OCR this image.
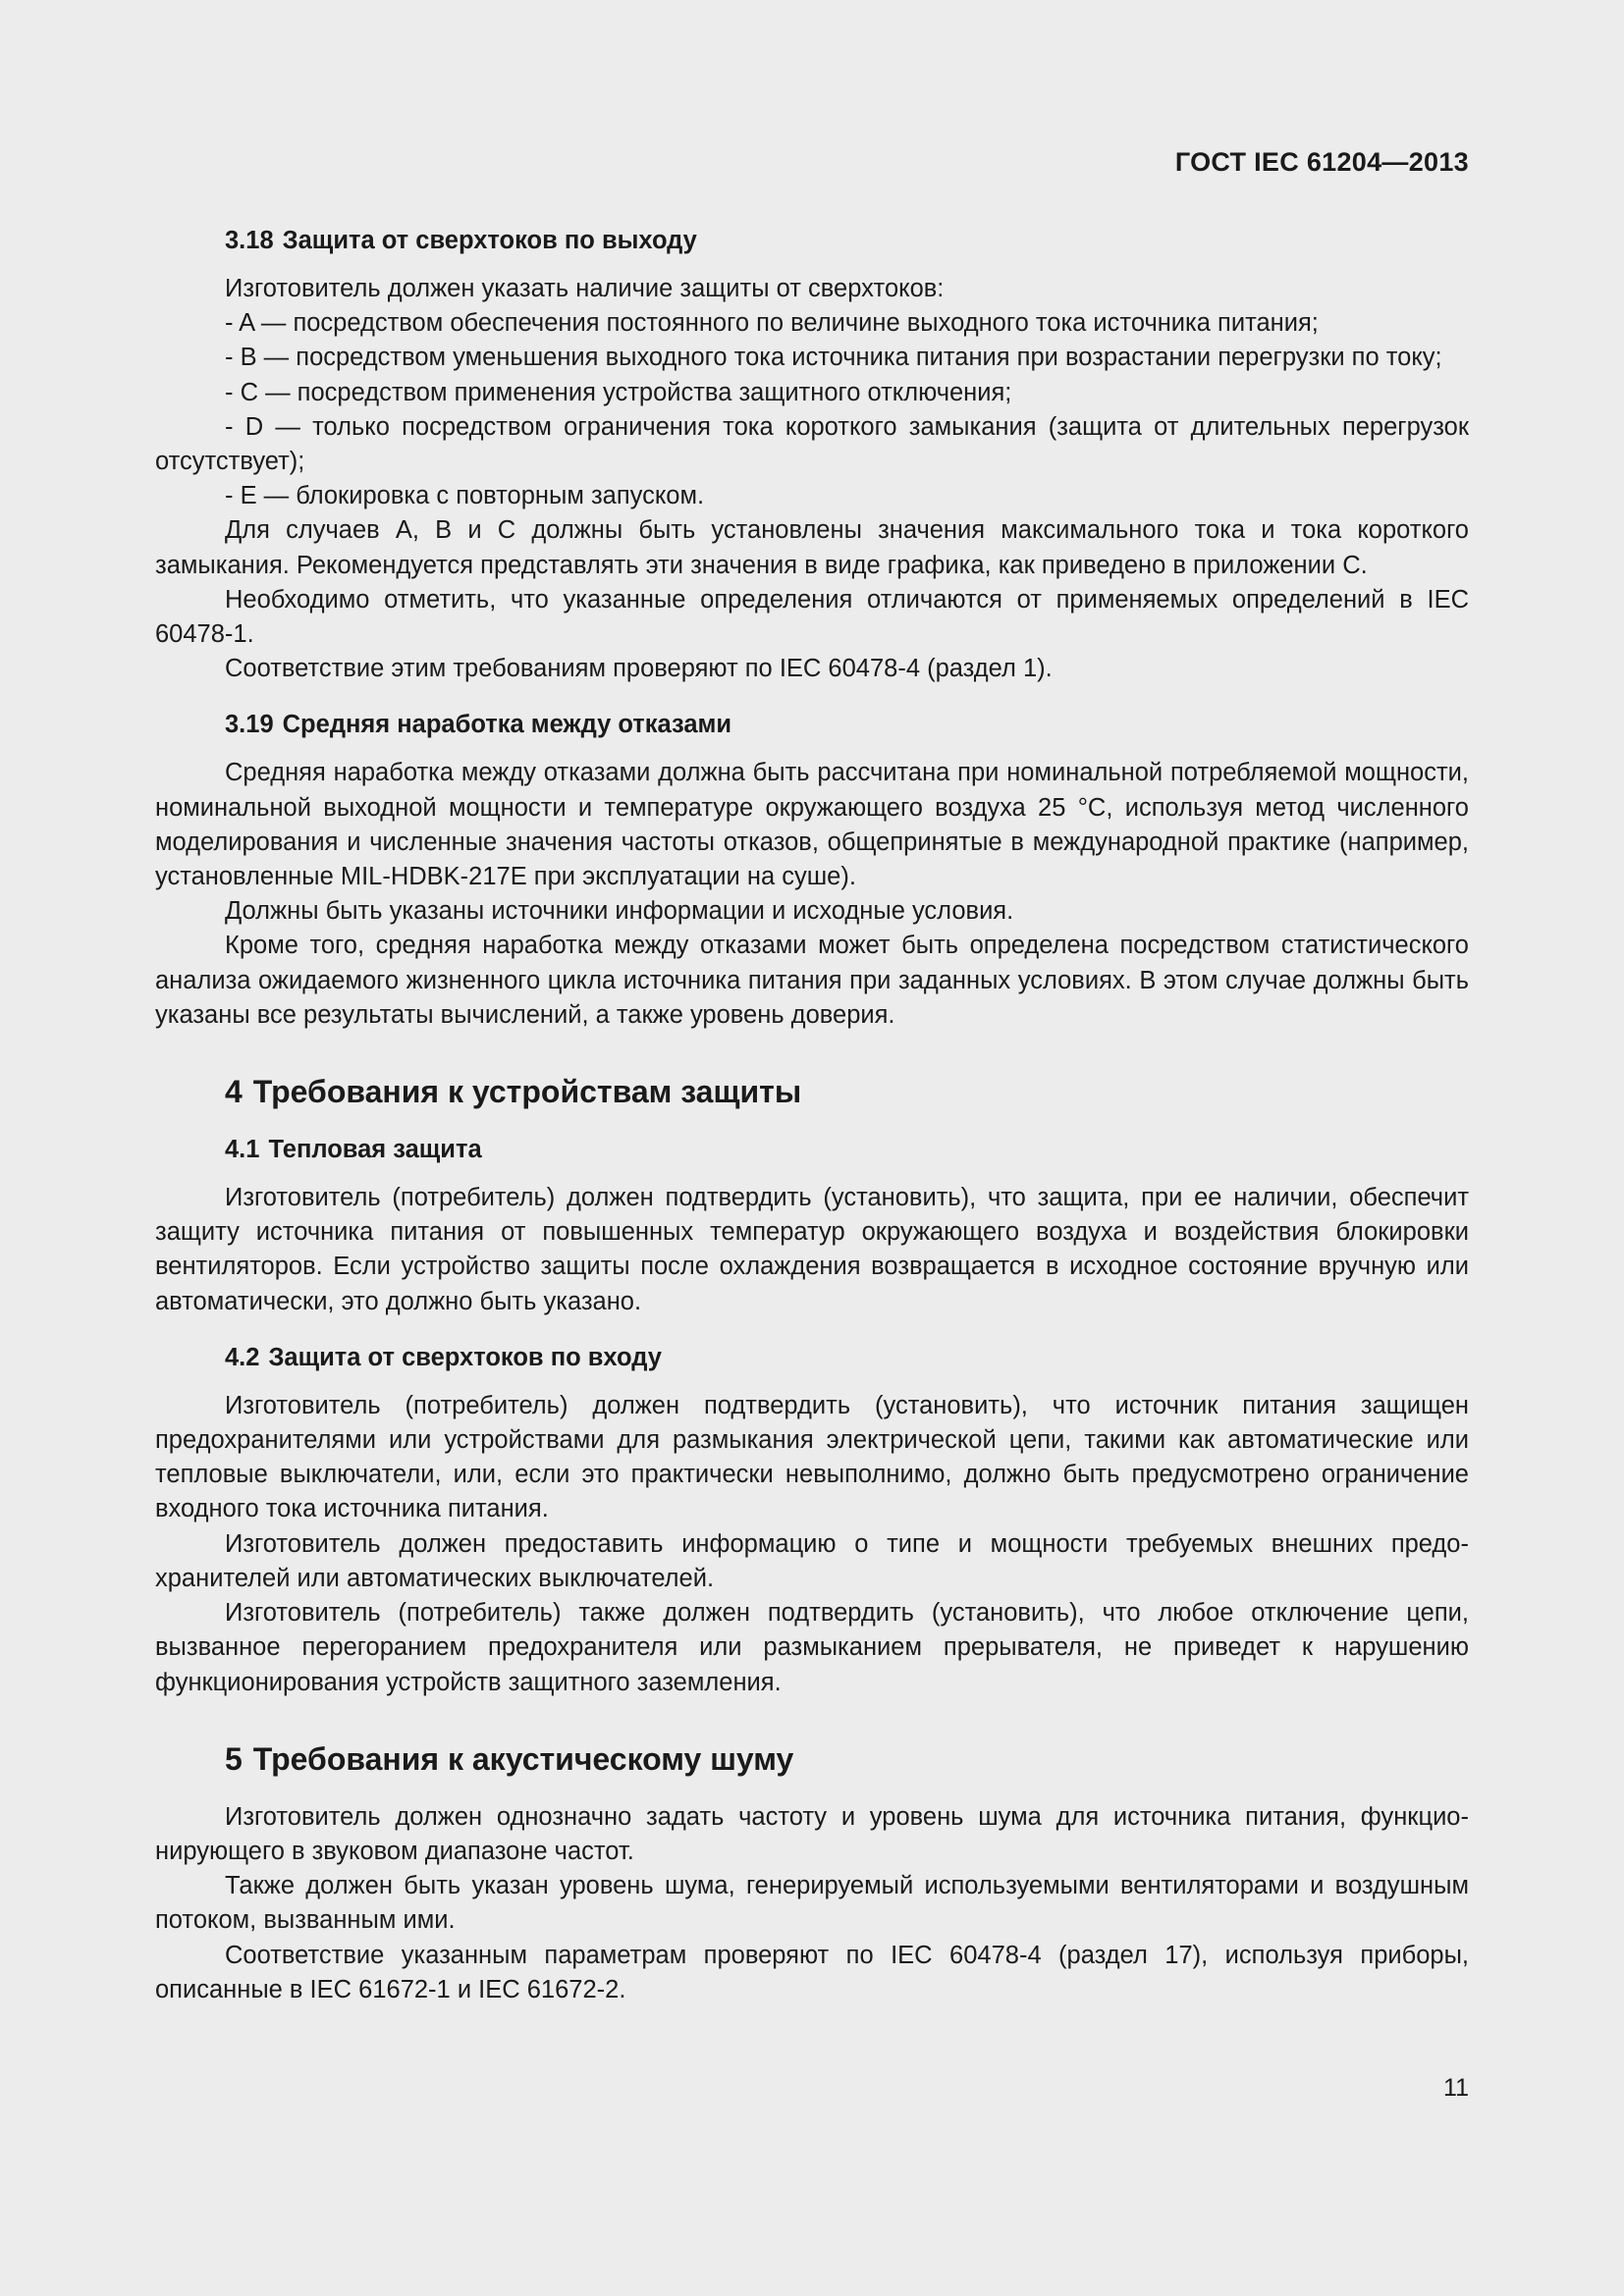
ГОСТ IEC 61204—2013
3.18 Защита от сверхтоков по выходу

Изготовитель должен указать наличие защиты от сверхтоков:

- A — посредством обеспечения постоянного по величине выходного тока источника питания;

- B — посредством уменьшения выходного тока источника питания при возрастании перегрузки по току;

- C — посредством применения устройства защитного отключения;

- D — только посредством ограничения тока короткого замыкания (защита от длительных перегрузок отсутствует);

- E — блокировка с повторным запуском.

Для случаев A, B и C должны быть установлены значения максимального тока и тока короткого замыкания. Рекомендуется представлять эти значения в виде графика, как приведено в приложении C.

Необходимо отметить, что указанные определения отличаются от применяемых определений в IEC 60478-1.

Соответствие этим требованиям проверяют по IEC 60478-4 (раздел 1).

3.19 Средняя наработка между отказами

Средняя наработка между отказами должна быть рассчитана при номинальной потребляемой мощности, номинальной выходной мощности и температуре окружающего воздуха 25 °C, используя метод численного моделирования и численные значения частоты отказов, общепринятые в международной практике (например, установленные MIL-HDBK-217E при эксплуатации на суше).

Должны быть указаны источники информации и исходные условия.

Кроме того, средняя наработка между отказами может быть определена посредством статистического анализа ожидаемого жизненного цикла источника питания при заданных условиях. В этом случае должны быть указаны все результаты вычислений, а также уровень доверия.

4 Требования к устройствам защиты
4.1 Тепловая защита

Изготовитель (потребитель) должен подтвердить (установить), что защита, при ее наличии, обеспечит защиту источника питания от повышенных температур окружающего воздуха и воздействия блокировки вентиляторов. Если устройство защиты после охлаждения возвращается в исходное состояние вручную или автоматически, это должно быть указано.

4.2 Защита от сверхтоков по входу

Изготовитель (потребитель) должен подтвердить (установить), что источник питания защищен предохранителями или устройствами для размыкания электрической цепи, такими как автоматические или тепловые выключатели, или, если это практически невыполнимо, должно быть предусмотрено ограничение входного тока источника питания.

Изготовитель должен предоставить информацию о типе и мощности требуемых внешних предохранителей или автоматических выключателей.

Изготовитель (потребитель) также должен подтвердить (установить), что любое отключение цепи, вызванное перегоранием предохранителя или размыканием прерывателя, не приведет к нарушению функционирования устройств защитного заземления.

5 Требования к акустическому шуму

Изготовитель должен однозначно задать частоту и уровень шума для источника питания, функционирующего в звуковом диапазоне частот.

Также должен быть указан уровень шума, генерируемый используемыми вентиляторами и воздушным потоком, вызванным ими.

Соответствие указанным параметрам проверяют по IEC 60478-4 (раздел 17), используя приборы, описанные в IEC 61672-1 и IEC 61672-2.

11
